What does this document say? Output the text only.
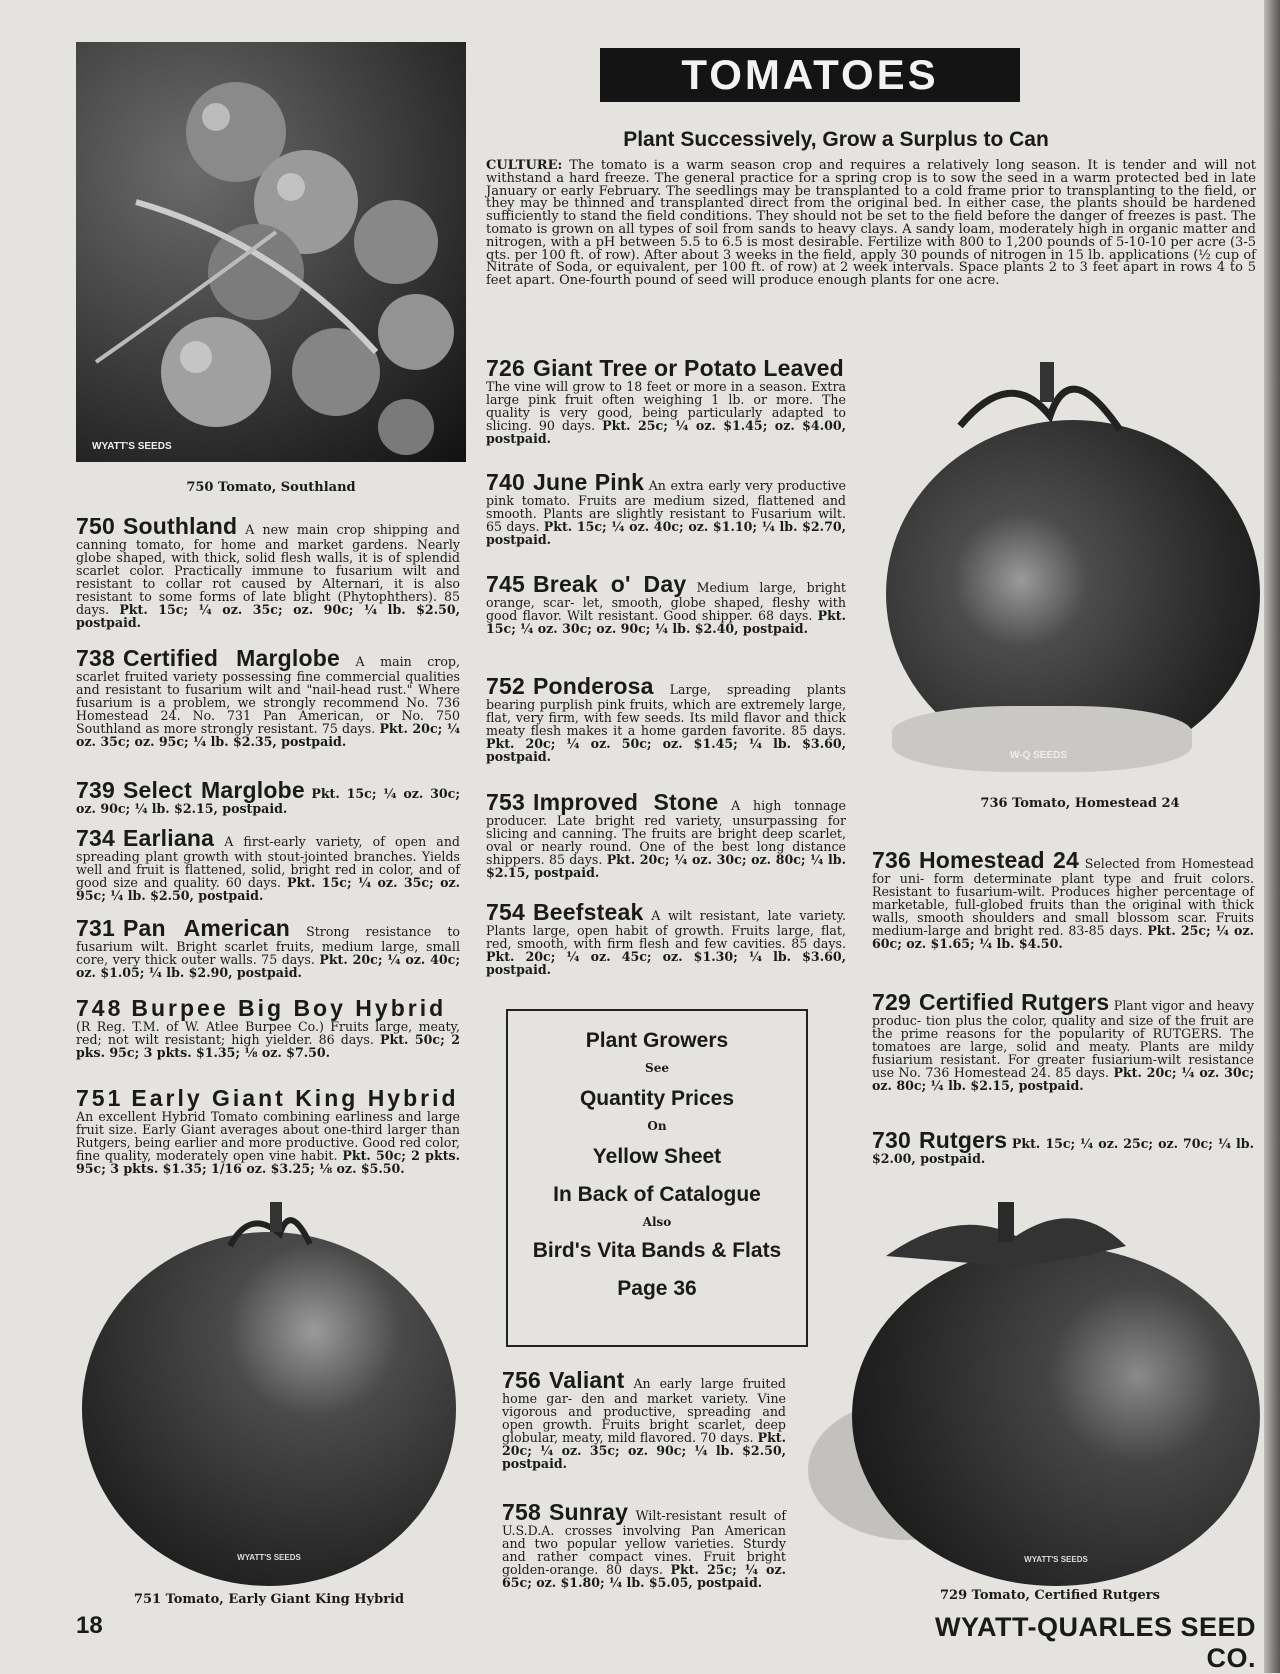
WYATT'S SEEDS
750 Tomato, Southland
TOMATOES
Plant Successively, Grow a Surplus to Can
CULTURE: The tomato is a warm season crop and requires a relatively long season. It is tender and will not withstand a hard freeze. The general practice for a spring crop is to sow the seed in a warm protected bed in late January or early February. The seedlings may be transplanted to a cold frame prior to transplanting to the field, or they may be thinned and transplanted direct from the original bed. In either case, the plants should be hardened sufficiently to stand the field conditions. They should not be set to the field before the danger of freezes is past. The tomato is grown on all types of soil from sands to heavy clays. A sandy loam, moderately high in organic matter and nitrogen, with a pH between 5.5 to 6.5 is most desirable. Fertilize with 800 to 1,200 pounds of 5-10-10 per acre (3-5 qts. per 100 ft. of row). After about 3 weeks in the field, apply 30 pounds of nitrogen in 15 lb. applications (½ cup of Nitrate of Soda, or equivalent, per 100 ft. of row) at 2 week intervals. Space plants 2 to 3 feet apart in rows 4 to 5 feet apart. One-fourth pound of seed will produce enough plants for one acre.
750 Southland A new main crop shipping and canning tomato, for home and market gardens. Nearly globe shaped, with thick, solid flesh walls, it is of splendid scarlet color. Practically immune to fusarium wilt and resistant to collar rot caused by Alternari, it is also resistant to some forms of late blight (Phytophthers). 85 days. Pkt. 15c; ¼ oz. 35c; oz. 90c; ¼ lb. $2.50, postpaid.
738 Certified Marglobe A main crop, scarlet fruited variety possessing fine commercial qualities and resistant to fusarium wilt and "nail-head rust." Where fusarium is a problem, we strongly recommend No. 736 Homestead 24. No. 731 Pan American, or No. 750 Southland as more strongly resistant. 75 days. Pkt. 20c; ¼ oz. 35c; oz. 95c; ¼ lb. $2.35, postpaid.
739 Select Marglobe Pkt. 15c; ¼ oz. 30c; oz. 90c; ¼ lb. $2.15, postpaid.
734 Earliana A first-early variety, of open and spreading plant growth with stout-jointed branches. Yields well and fruit is flattened, solid, bright red in color, and of good size and quality. 60 days. Pkt. 15c; ¼ oz. 35c; oz. 95c; ¼ lb. $2.50, postpaid.
731 Pan American Strong resistance to fusarium wilt. Bright scarlet fruits, medium large, small core, very thick outer walls. 75 days. Pkt. 20c; ¼ oz. 40c; oz. $1.05; ¼ lb. $2.90, postpaid.
748 Burpee Big Boy Hybrid
(R Reg. T.M. of W. Atlee Burpee Co.) Fruits large, meaty, red; not wilt resistant; high yielder. 86 days. Pkt. 50c; 2 pks. 95c; 3 pkts. $1.35; ⅛ oz. $7.50.
751 Early Giant King Hybrid
An excellent Hybrid Tomato combining earliness and large fruit size. Early Giant averages about one-third larger than Rutgers, being earlier and more productive. Good red color, fine quality, moderately open vine habit. Pkt. 50c; 2 pkts. 95c; 3 pkts. $1.35; 1/16 oz. $3.25; ⅛ oz. $5.50.
WYATT'S SEEDS
751 Tomato, Early Giant King Hybrid
726 Giant Tree or Potato Leaved
The vine will grow to 18 feet or more in a season. Extra large pink fruit often weighing 1 lb. or more. The quality is very good, being particularly adapted to slicing. 90 days. Pkt. 25c; ¼ oz. $1.45; oz. $4.00, postpaid.
740 June Pink An extra early very productive pink tomato. Fruits are medium sized, flattened and smooth. Plants are slightly resistant to Fusarium wilt. 65 days. Pkt. 15c; ¼ oz. 40c; oz. $1.10; ¼ lb. $2.70, postpaid.
745 Break o' Day Medium large, bright orange, scar- let, smooth, globe shaped, fleshy with good flavor. Wilt resistant. Good shipper. 68 days. Pkt. 15c; ¼ oz. 30c; oz. 90c; ¼ lb. $2.40, postpaid.
752 Ponderosa Large, spreading plants bearing purplish pink fruits, which are extremely large, flat, very firm, with few seeds. Its mild flavor and thick meaty flesh makes it a home garden favorite. 85 days. Pkt. 20c; ¼ oz. 50c; oz. $1.45; ¼ lb. $3.60, postpaid.
753 Improved Stone A high tonnage producer. Late bright red variety, unsurpassing for slicing and canning. The fruits are bright deep scarlet, oval or nearly round. One of the best long distance shippers. 85 days. Pkt. 20c; ¼ oz. 30c; oz. 80c; ¼ lb. $2.15, postpaid.
754 Beefsteak A wilt resistant, late variety. Plants large, open habit of growth. Fruits large, flat, red, smooth, with firm flesh and few cavities. 85 days. Pkt. 20c; ¼ oz. 45c; oz. $1.30; ¼ lb. $3.60, postpaid.
Plant Growers
See
Quantity Prices
On
Yellow Sheet
In Back of Catalogue
Also
Bird's Vita Bands & Flats
Page 36
756 Valiant An early large fruited home gar- den and market variety. Vine vigorous and productive, spreading and open growth. Fruits bright scarlet, deep globular, meaty, mild flavored. 70 days. Pkt. 20c; ¼ oz. 35c; oz. 90c; ¼ lb. $2.50, postpaid.
758 Sunray Wilt-resistant result of U.S.D.A. crosses involving Pan American and two popular yellow varieties. Sturdy and rather compact vines. Fruit bright golden-orange. 80 days. Pkt. 25c; ¼ oz. 65c; oz. $1.80; ¼ lb. $5.05, postpaid.
W-Q SEEDS
736 Tomato, Homestead 24
736 Homestead 24 Selected from Homestead for uni- form determinate plant type and fruit colors. Resistant to fusarium-wilt. Produces higher percentage of marketable, full-globed fruits than the original with thick walls, smooth shoulders and small blossom scar. Fruits medium-large and bright red. 83-85 days. Pkt. 25c; ¼ oz. 60c; oz. $1.65; ¼ lb. $4.50.
729 Certified Rutgers Plant vigor and heavy produc- tion plus the color, quality and size of the fruit are the prime reasons for the popularity of RUTGERS. The tomatoes are large, solid and meaty. Plants are mildy fusiarium resistant. For greater fusiarium-wilt resistance use No. 736 Homestead 24. 85 days. Pkt. 20c; ¼ oz. 30c; oz. 80c; ¼ lb. $2.15, postpaid.
730 Rutgers Pkt. 15c; ¼ oz. 25c; oz. 70c; ¼ lb. $2.00, postpaid.
WYATT'S SEEDS
729 Tomato, Certified Rutgers
18	WYATT-QUARLES SEED CO.
